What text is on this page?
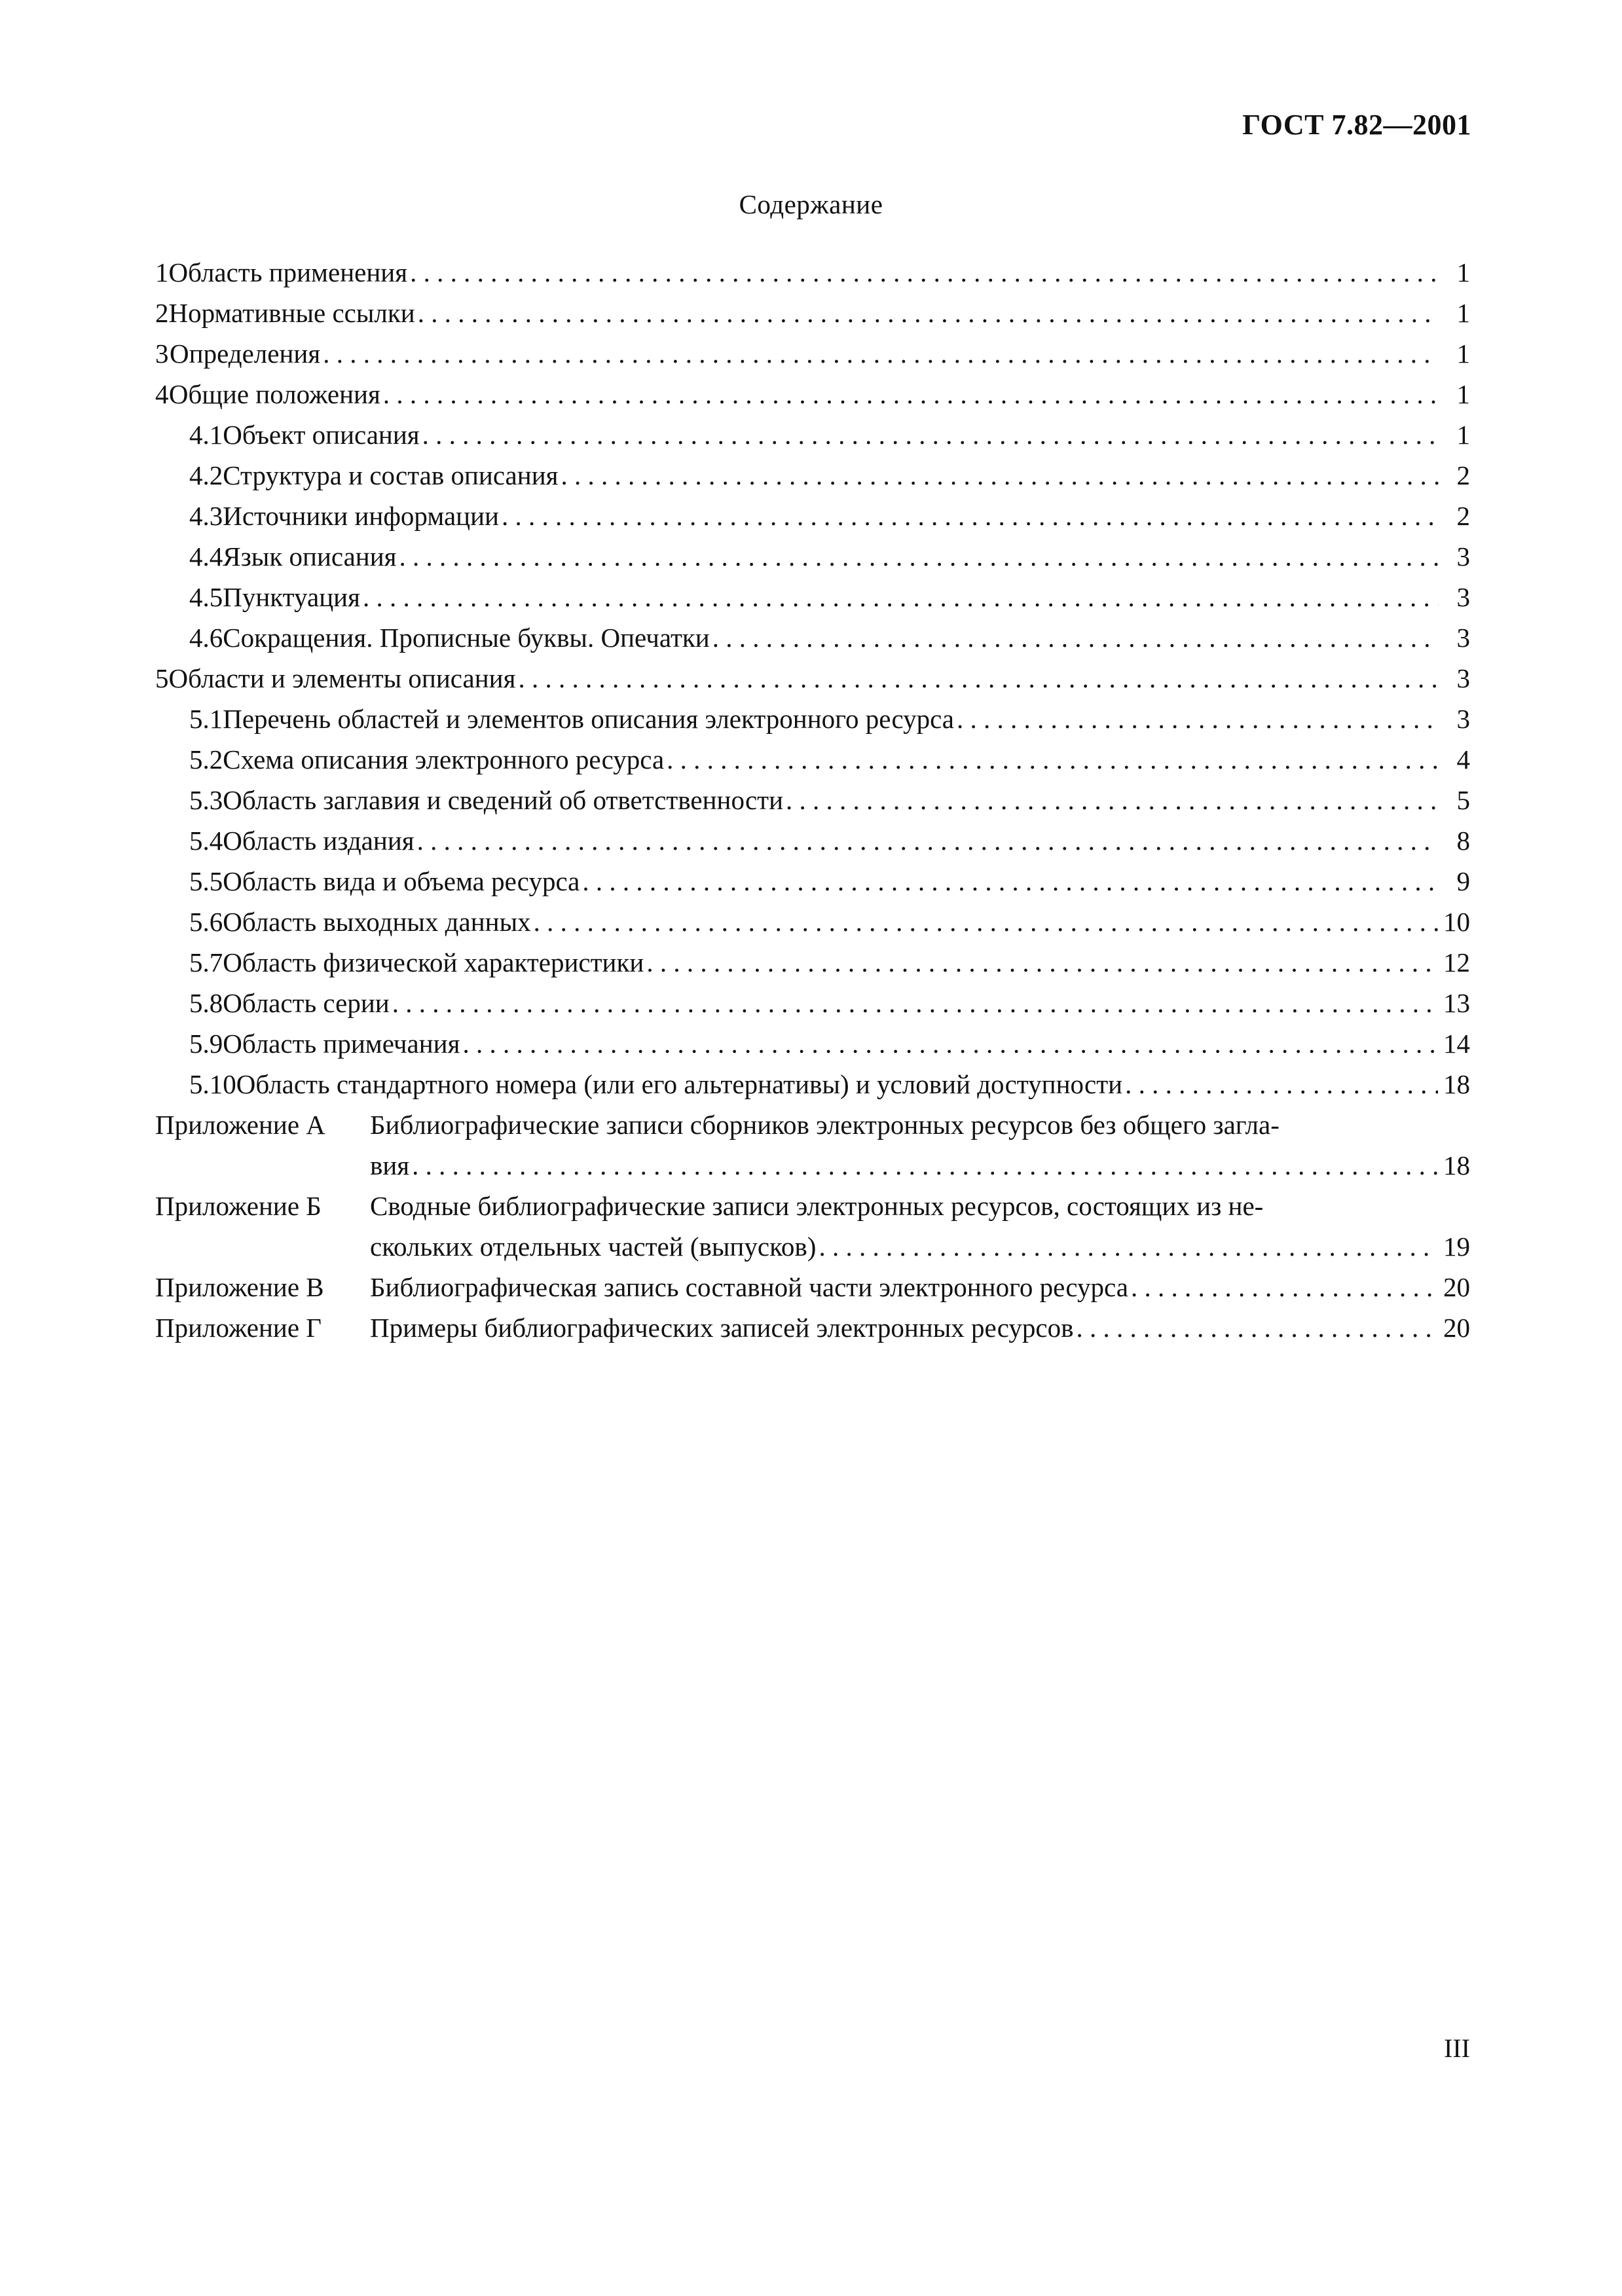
ГОСТ 7.82—2001
Содержание
1 Область применения . . .	1
2 Нормативные ссылки . . .	1
3 Определения . . .	1
4 Общие положения . . .	1
4.1 Объект описания . . .	1
4.2 Структура и состав описания . . .	2
4.3 Источники информации . . .	2
4.4 Язык описания . . .	3
4.5 Пунктуация . . .	3
4.6 Сокращения. Прописные буквы. Опечатки . . .	3
5 Области и элементы описания . . .	3
5.1 Перечень областей и элементов описания электронного ресурса . . .	3
5.2 Схема описания электронного ресурса . . .	4
5.3 Область заглавия и сведений об ответственности . . .	5
5.4 Область издания . . .	8
5.5 Область вида и объема ресурса . . .	9
5.6 Область выходных данных . . .	10
5.7 Область физической характеристики . . .	12
5.8 Область серии . . .	13
5.9 Область примечания . . .	14
5.10 Область стандартного номера (или его альтернативы) и условий доступности . . .	18
Приложение А	Библиографические записи сборников электронных ресурсов без общего загла-
вия . . .	18
Приложение Б	Сводные библиографические записи электронных ресурсов, состоящих из не-
скольких отдельных частей (выпусков) . . .	19
Приложение В	Библиографическая запись составной части электронного ресурса . . .	20
Приложение Г	Примеры библиографических записей электронных ресурсов . . .	20
III
